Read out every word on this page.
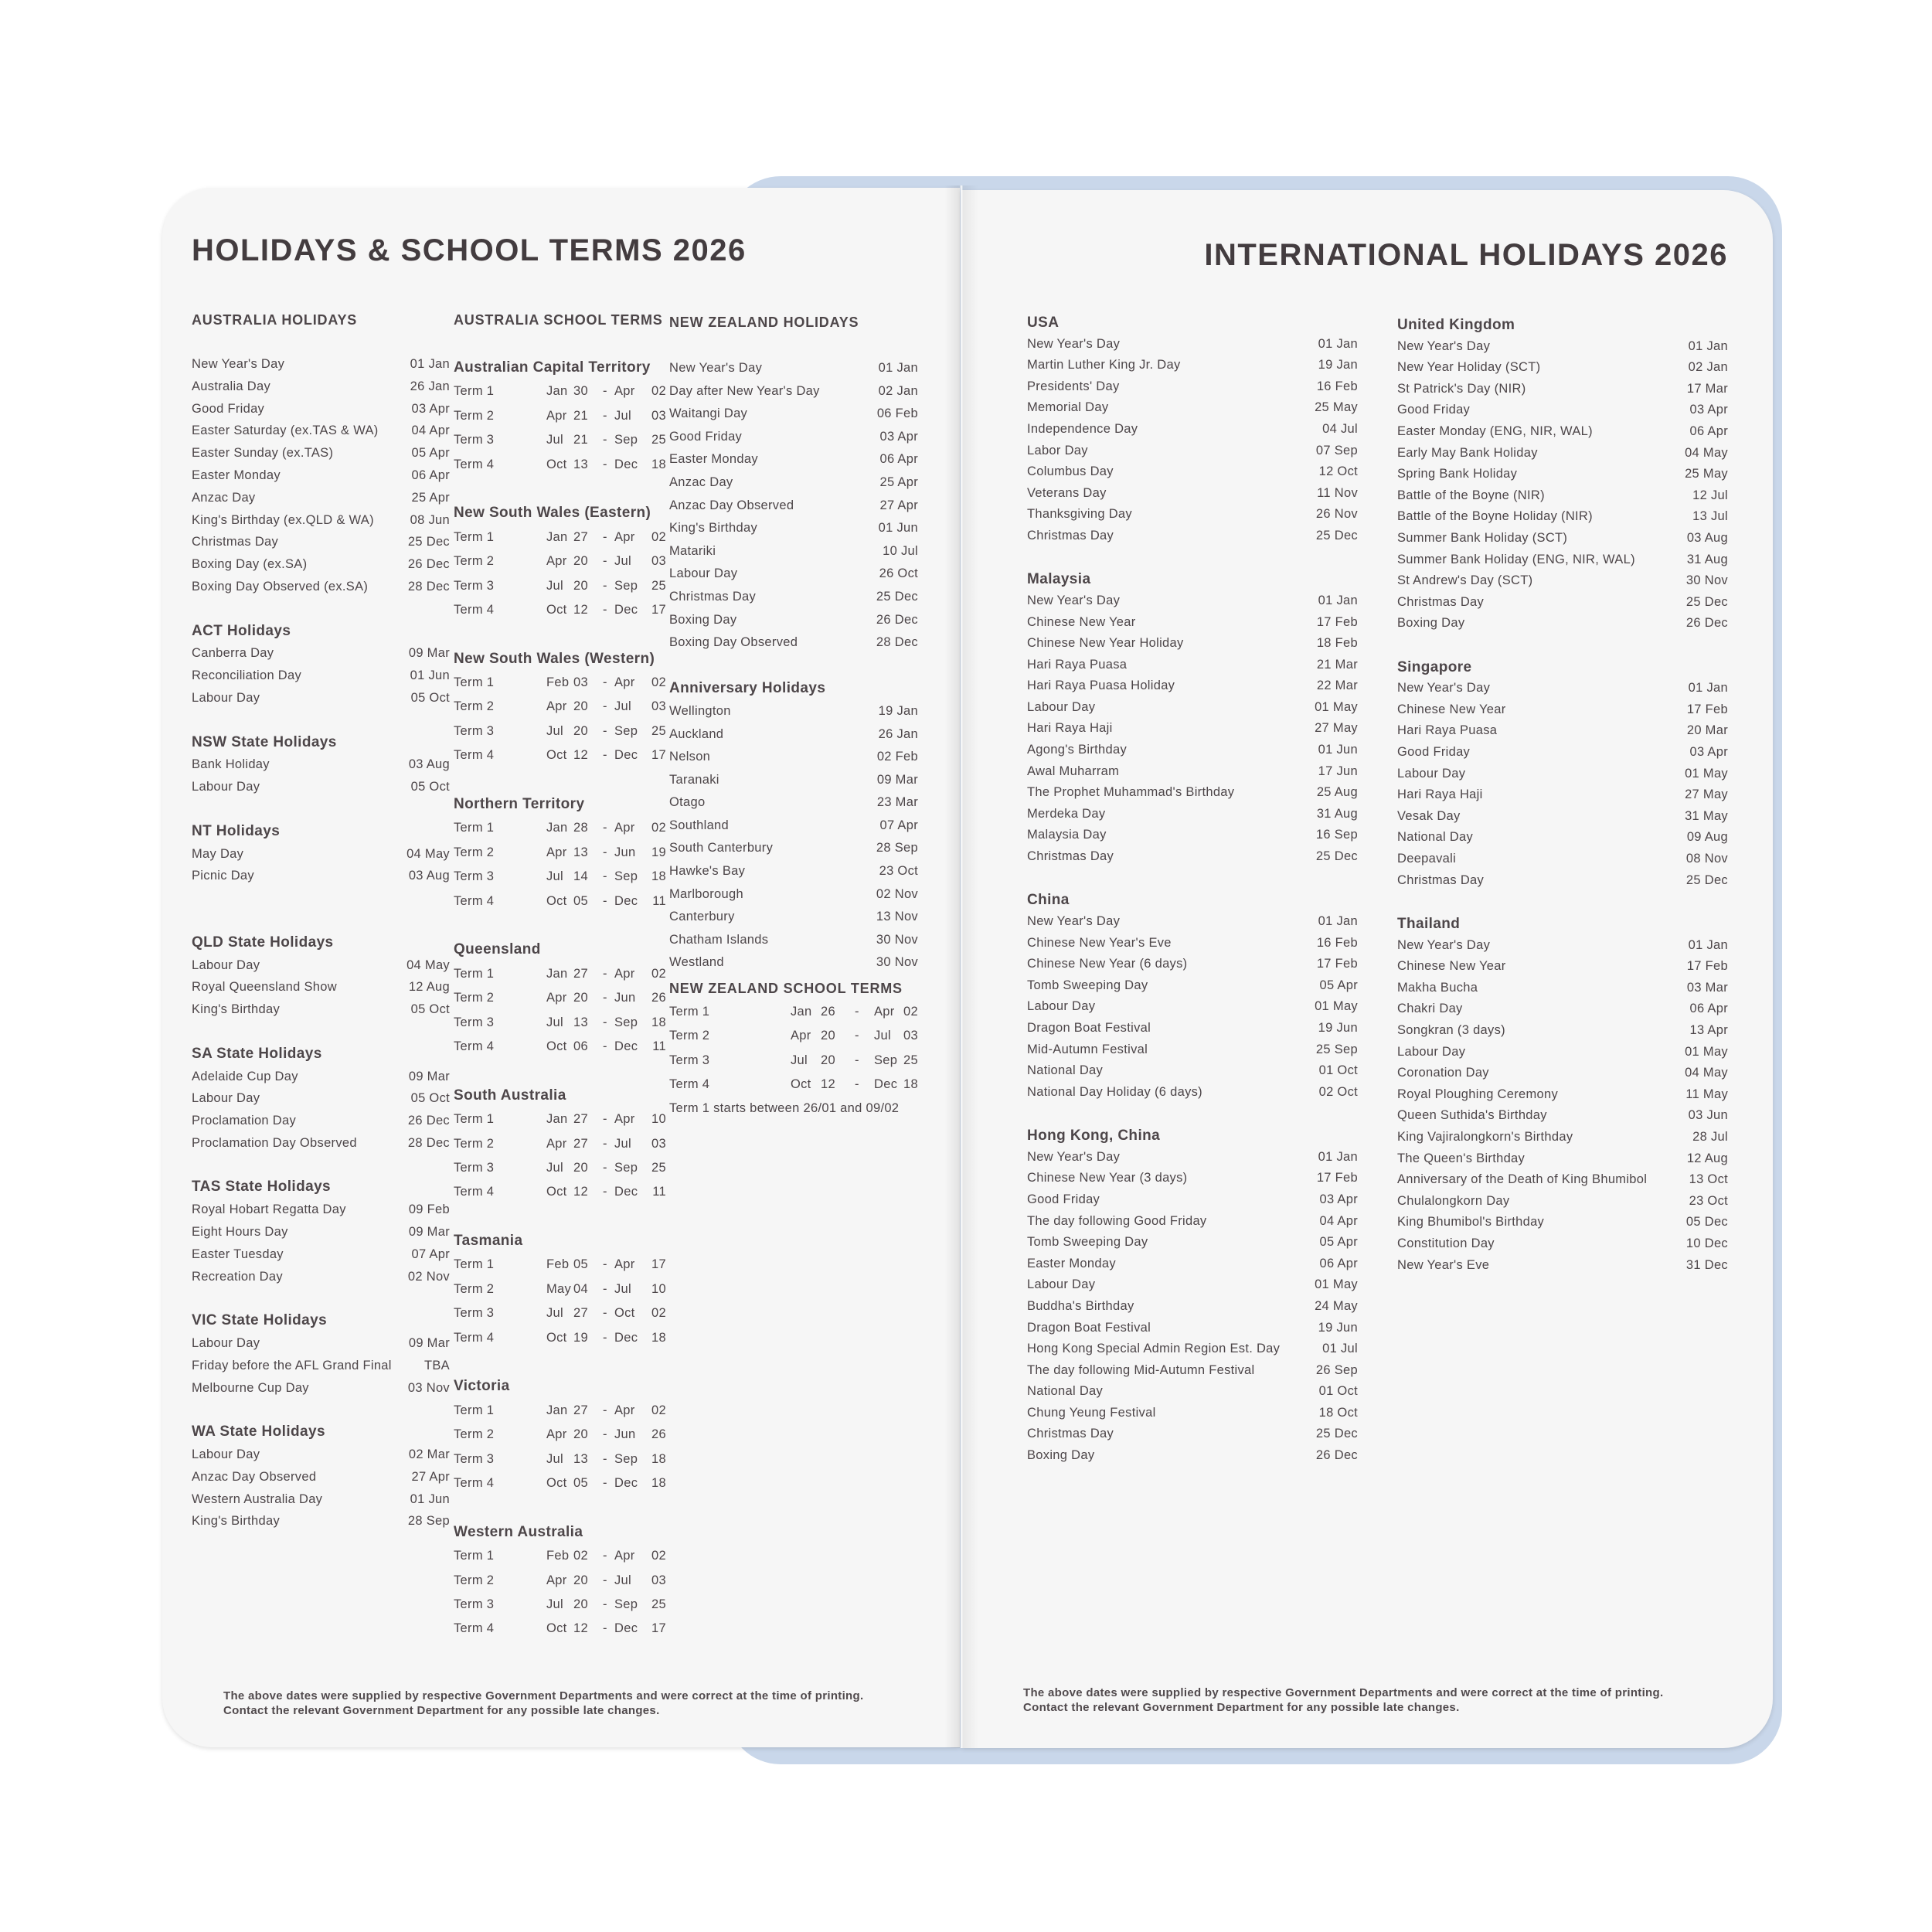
HOLIDAYS & SCHOOL TERMS 2026
AUSTRALIA HOLIDAYS
New Year's Day	01 Jan
Australia Day	26 Jan
Good Friday	03 Apr
Easter Saturday (ex.TAS & WA)	04 Apr
Easter Sunday (ex.TAS)	05 Apr
Easter Monday	06 Apr
Anzac Day	25 Apr
King's Birthday (ex.QLD & WA)	08 Jun
Christmas Day	25 Dec
Boxing Day (ex.SA)	26 Dec
Boxing Day Observed (ex.SA)	28 Dec
ACT Holidays
Canberra Day	09 Mar
Reconciliation Day	01 Jun
Labour Day	05 Oct
NSW State Holidays
Bank Holiday	03 Aug
Labour Day	05 Oct
NT Holidays
May Day	04 May
Picnic Day	03 Aug
QLD State Holidays
Labour Day	04 May
Royal Queensland Show	12 Aug
King's Birthday	05 Oct
SA State Holidays
Adelaide Cup Day	09 Mar
Labour Day	05 Oct
Proclamation Day	26 Dec
Proclamation Day Observed	28 Dec
TAS State Holidays
Royal Hobart Regatta Day	09 Feb
Eight Hours Day	09 Mar
Easter Tuesday	07 Apr
Recreation Day	02 Nov
VIC State Holidays
Labour Day	09 Mar
Friday before the AFL Grand Final	TBA
Melbourne Cup Day	03 Nov
WA State Holidays
Labour Day	02 Mar
Anzac Day Observed	27 Apr
Western Australia Day	01 Jun
King's Birthday	28 Sep
AUSTRALIA SCHOOL TERMS
Australian Capital Territory
Term 1	Jan 30 - Apr 02
Term 2	Apr 21 - Jul 03
Term 3	Jul 21 - Sep 25
Term 4	Oct 13 - Dec 18
New South Wales (Eastern)
Term 1	Jan 27 - Apr 02
Term 2	Apr 20 - Jul 03
Term 3	Jul 20 - Sep 25
Term 4	Oct 12 - Dec 17
New South Wales (Western)
Term 1	Feb 03 - Apr 02
Term 2	Apr 20 - Jul 03
Term 3	Jul 20 - Sep 25
Term 4	Oct 12 - Dec 17
Northern Territory
Term 1	Jan 28 - Apr 02
Term 2	Apr 13 - Jun 19
Term 3	Jul 14 - Sep 18
Term 4	Oct 05 - Dec 11
Queensland
Term 1	Jan 27 - Apr 02
Term 2	Apr 20 - Jun 26
Term 3	Jul 13 - Sep 18
Term 4	Oct 06 - Dec 11
South Australia
Term 1	Jan 27 - Apr 10
Term 2	Apr 27 - Jul 03
Term 3	Jul 20 - Sep 25
Term 4	Oct 12 - Dec 11
Tasmania
Term 1	Feb 05 - Apr 17
Term 2	May 04 - Jul 10
Term 3	Jul 27 - Oct 02
Term 4	Oct 19 - Dec 18
Victoria
Term 1	Jan 27 - Apr 02
Term 2	Apr 20 - Jun 26
Term 3	Jul 13 - Sep 18
Term 4	Oct 05 - Dec 18
Western Australia
Term 1	Feb 02 - Apr 02
Term 2	Apr 20 - Jul 03
Term 3	Jul 20 - Sep 25
Term 4	Oct 12 - Dec 17
NEW ZEALAND HOLIDAYS
New Year's Day	01 Jan
Day after New Year's Day	02 Jan
Waitangi Day	06 Feb
Good Friday	03 Apr
Easter Monday	06 Apr
Anzac Day	25 Apr
Anzac Day Observed	27 Apr
King's Birthday	01 Jun
Matariki	10 Jul
Labour Day	26 Oct
Christmas Day	25 Dec
Boxing Day	26 Dec
Boxing Day Observed	28 Dec
Anniversary Holidays
Wellington	19 Jan
Auckland	26 Jan
Nelson	02 Feb
Taranaki	09 Mar
Otago	23 Mar
Southland	07 Apr
South Canterbury	28 Sep
Hawke's Bay	23 Oct
Marlborough	02 Nov
Canterbury	13 Nov
Chatham Islands	30 Nov
Westland	30 Nov
NEW ZEALAND SCHOOL TERMS
Term 1	Jan 26 - Apr 02
Term 2	Apr 20 - Jul 03
Term 3	Jul 20 - Sep 25
Term 4	Oct 12 - Dec 18
Term 1 starts between 26/01 and 09/02
The above dates were supplied by respective Government Departments and were correct at the time of printing. Contact the relevant Government Department for any possible late changes.
INTERNATIONAL HOLIDAYS 2026
USA
New Year's Day	01 Jan
Martin Luther King Jr. Day	19 Jan
Presidents' Day	16 Feb
Memorial Day	25 May
Independence Day	04 Jul
Labor Day	07 Sep
Columbus Day	12 Oct
Veterans Day	11 Nov
Thanksgiving Day	26 Nov
Christmas Day	25 Dec
Malaysia
New Year's Day	01 Jan
Chinese New Year	17 Feb
Chinese New Year Holiday	18 Feb
Hari Raya Puasa	21 Mar
Hari Raya Puasa Holiday	22 Mar
Labour Day	01 May
Hari Raya Haji	27 May
Agong's Birthday	01 Jun
Awal Muharram	17 Jun
The Prophet Muhammad's Birthday	25 Aug
Merdeka Day	31 Aug
Malaysia Day	16 Sep
Christmas Day	25 Dec
China
New Year's Day	01 Jan
Chinese New Year's Eve	16 Feb
Chinese New Year (6 days)	17 Feb
Tomb Sweeping Day	05 Apr
Labour Day	01 May
Dragon Boat Festival	19 Jun
Mid-Autumn Festival	25 Sep
National Day	01 Oct
National Day Holiday (6 days)	02 Oct
Hong Kong, China
New Year's Day	01 Jan
Chinese New Year (3 days)	17 Feb
Good Friday	03 Apr
The day following Good Friday	04 Apr
Tomb Sweeping Day	05 Apr
Easter Monday	06 Apr
Labour Day	01 May
Buddha's Birthday	24 May
Dragon Boat Festival	19 Jun
Hong Kong Special Admin Region Est. Day	01 Jul
The day following Mid-Autumn Festival	26 Sep
National Day	01 Oct
Chung Yeung Festival	18 Oct
Christmas Day	25 Dec
Boxing Day	26 Dec
United Kingdom
New Year's Day	01 Jan
New Year Holiday (SCT)	02 Jan
St Patrick's Day (NIR)	17 Mar
Good Friday	03 Apr
Easter Monday (ENG, NIR, WAL)	06 Apr
Early May Bank Holiday	04 May
Spring Bank Holiday	25 May
Battle of the Boyne (NIR)	12 Jul
Battle of the Boyne Holiday (NIR)	13 Jul
Summer Bank Holiday (SCT)	03 Aug
Summer Bank Holiday (ENG, NIR, WAL)	31 Aug
St Andrew's Day (SCT)	30 Nov
Christmas Day	25 Dec
Boxing Day	26 Dec
Singapore
New Year's Day	01 Jan
Chinese New Year	17 Feb
Hari Raya Puasa	20 Mar
Good Friday	03 Apr
Labour Day	01 May
Hari Raya Haji	27 May
Vesak Day	31 May
National Day	09 Aug
Deepavali	08 Nov
Christmas Day	25 Dec
Thailand
New Year's Day	01 Jan
Chinese New Year	17 Feb
Makha Bucha	03 Mar
Chakri Day	06 Apr
Songkran (3 days)	13 Apr
Labour Day	01 May
Coronation Day	04 May
Royal Ploughing Ceremony	11 May
Queen Suthida's Birthday	03 Jun
King Vajiralongkorn's Birthday	28 Jul
The Queen's Birthday	12 Aug
Anniversary of the Death of King Bhumibol	13 Oct
Chulalongkorn Day	23 Oct
King Bhumibol's Birthday	05 Dec
Constitution Day	10 Dec
New Year's Eve	31 Dec
The above dates were supplied by respective Government Departments and were correct at the time of printing. Contact the relevant Government Department for any possible late changes.
